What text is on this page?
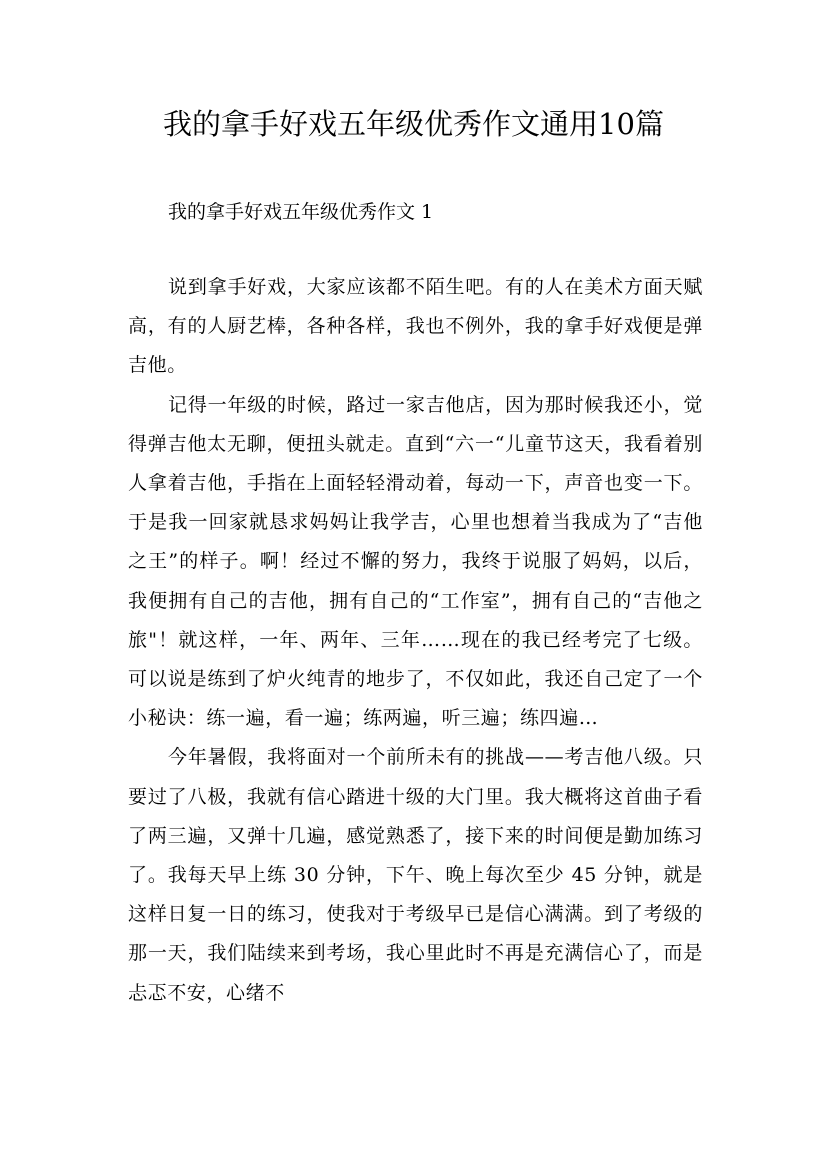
我的拿手好戏五年级优秀作文通用10篇

我的拿手好戏五年级优秀作文 1

说到拿手好戏，大家应该都不陌生吧。有的人在美术方面天赋高，有的人厨艺棒，各种各样，我也不例外，我的拿手好戏便是弹吉他。

记得一年级的时候，路过一家吉他店，因为那时候我还小，觉得弹吉他太无聊，便扭头就走。直到“六一“儿童节这天，我看着别人拿着吉他，手指在上面轻轻滑动着，每动一下，声音也变一下。于是我一回家就恳求妈妈让我学吉，心里也想着当我成为了“吉他之王”的样子。啊！经过不懈的努力，我终于说服了妈妈，以后，我便拥有自己的吉他，拥有自己的“工作室”，拥有自己的“吉他之旅"！就这样，一年、两年、三年……现在的我已经考完了七级。可以说是练到了炉火纯青的地步了，不仅如此，我还自己定了一个小秘诀：练一遍，看一遍；练两遍，听三遍；练四遍…

今年暑假，我将面对一个前所未有的挑战——考吉他八级。只要过了八极，我就有信心踏进十级的大门里。我大概将这首曲子看了两三遍，又弹十几遍，感觉熟悉了，接下来的时间便是勤加练习了。我每天早上练 30 分钟，下午、晚上每次至少 45 分钟，就是这样日复一日的练习，使我对于考级早已是信心满满。到了考级的那一天，我们陆续来到考场，我心里此时不再是充满信心了，而是忐忑不安，心绪不
